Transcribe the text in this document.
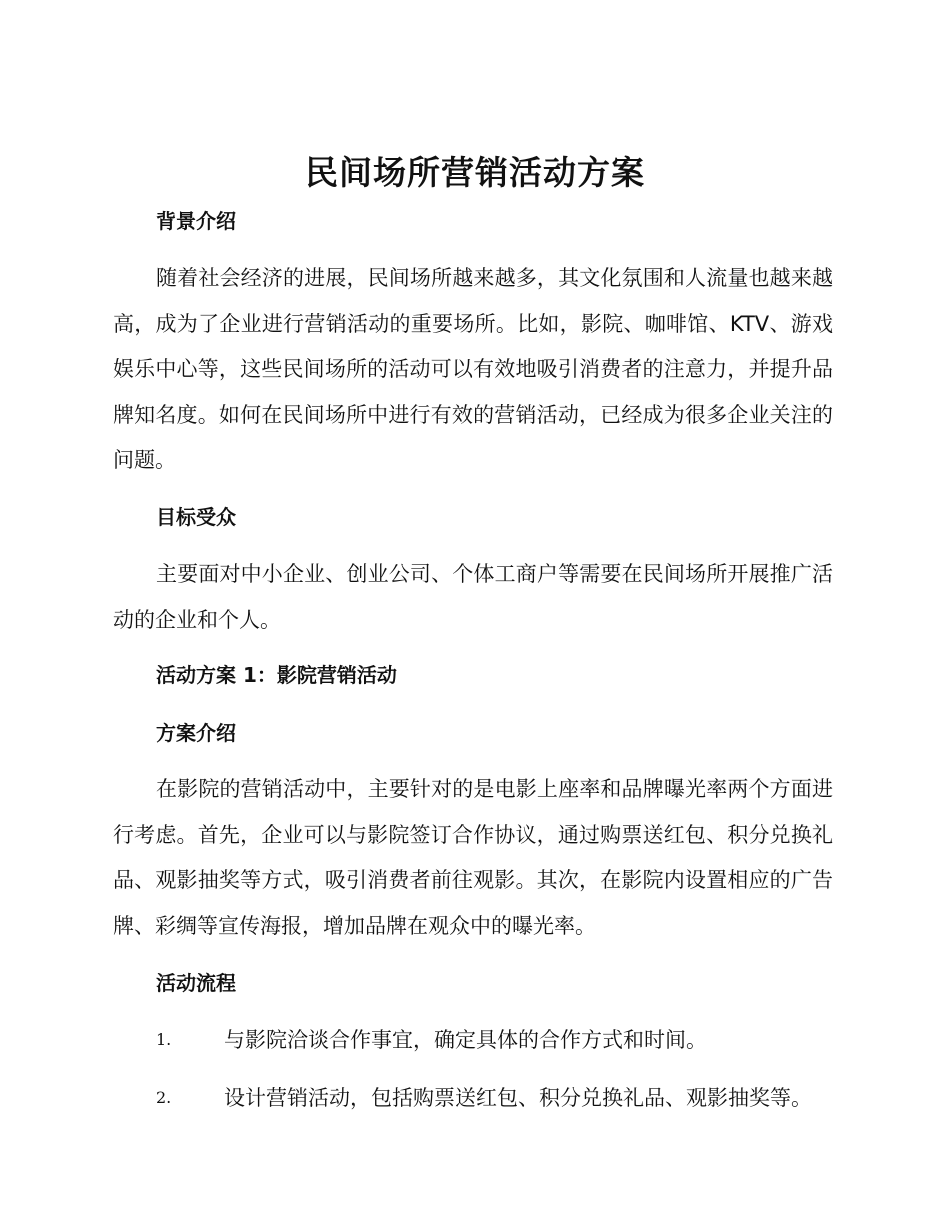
民间场所营销活动方案
背景介绍

随着社会经济的进展，民间场所越来越多，其文化氛围和人流量也越来越高，成为了企业进行营销活动的重要场所。比如，影院、咖啡馆、KTV、游戏娱乐中心等，这些民间场所的活动可以有效地吸引消费者的注意力，并提升品牌知名度。如何在民间场所中进行有效的营销活动，已经成为很多企业关注的问题。

目标受众

主要面对中小企业、创业公司、个体工商户等需要在民间场所开展推广活动的企业和个人。

活动方案 1：影院营销活动
方案介绍

在影院的营销活动中，主要针对的是电影上座率和品牌曝光率两个方面进行考虑。首先，企业可以与影院签订合作协议，通过购票送红包、积分兑换礼品、观影抽奖等方式，吸引消费者前往观影。其次，在影院内设置相应的广告牌、彩绸等宣传海报，增加品牌在观众中的曝光率。

活动流程
1.	与影院洽谈合作事宜，确定具体的合作方式和时间。
2.	设计营销活动，包括购票送红包、积分兑换礼品、观影抽奖等。
